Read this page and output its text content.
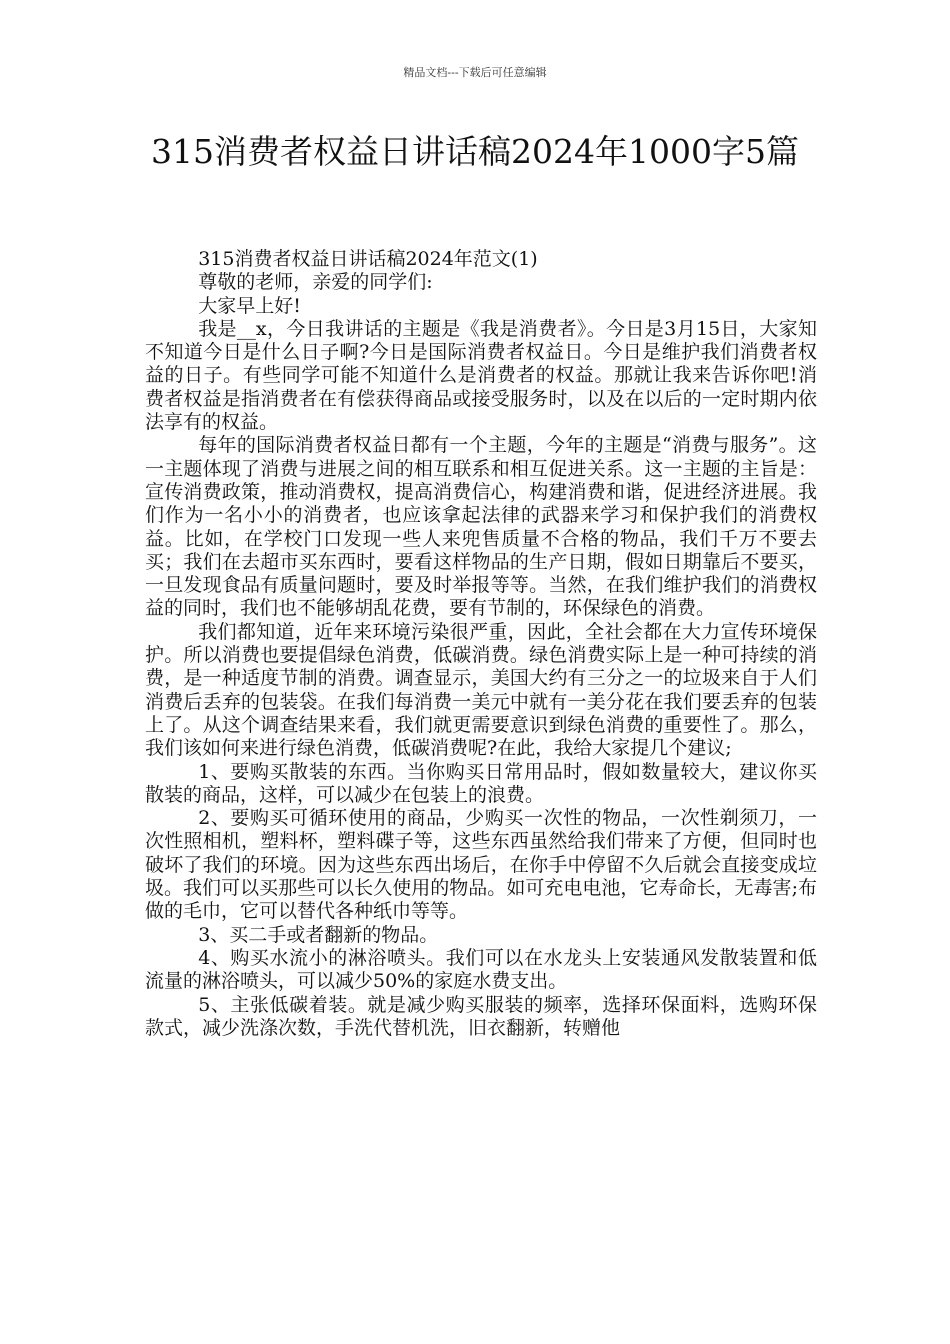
精品文档---下载后可任意编辑
315消费者权益日讲话稿2024年1000字5篇

315消费者权益日讲话稿2024年范文(1)

尊敬的老师，亲爱的同学们:

大家早上好!

我是__x，今日我讲话的主题是《我是消费者》。今日是3月15日，大家知不知道今日是什么日子啊?今日是国际消费者权益日。今日是维护我们消费者权益的日子。有些同学可能不知道什么是消费者的权益。那就让我来告诉你吧!消费者权益是指消费者在有偿获得商品或接受服务时，以及在以后的一定时期内依法享有的权益。

每年的国际消费者权益日都有一个主题，今年的主题是“消费与服务”。这一主题体现了消费与进展之间的相互联系和相互促进关系。这一主题的主旨是：宣传消费政策，推动消费权，提高消费信心，构建消费和谐，促进经济进展。我们作为一名小小的消费者，也应该拿起法律的武器来学习和保护我们的消费权益。比如，在学校门口发现一些人来兜售质量不合格的物品，我们千万不要去买；我们在去超市买东西时，要看这样物品的生产日期，假如日期靠后不要买，一旦发现食品有质量问题时，要及时举报等等。当然，在我们维护我们的消费权益的同时，我们也不能够胡乱花费，要有节制的，环保绿色的消费。

我们都知道，近年来环境污染很严重，因此，全社会都在大力宣传环境保护。所以消费也要提倡绿色消费，低碳消费。绿色消费实际上是一种可持续的消费，是一种适度节制的消费。调查显示，美国大约有三分之一的垃圾来自于人们消费后丢弃的包装袋。在我们每消费一美元中就有一美分花在我们要丢弃的包装上了。从这个调查结果来看，我们就更需要意识到绿色消费的重要性了。那么，我们该如何来进行绿色消费，低碳消费呢?在此，我给大家提几个建议;

1、要购买散装的东西。当你购买日常用品时，假如数量较大，建议你买散装的商品，这样，可以减少在包装上的浪费。

2、要购买可循环使用的商品，少购买一次性的物品，一次性剃须刀，一次性照相机，塑料杯，塑料碟子等，这些东西虽然给我们带来了方便，但同时也破坏了我们的环境。因为这些东西出场后，在你手中停留不久后就会直接变成垃圾。我们可以买那些可以长久使用的物品。如可充电电池，它寿命长，无毒害;布做的毛巾，它可以替代各种纸巾等等。

3、买二手或者翻新的物品。

4、购买水流小的淋浴喷头。我们可以在水龙头上安装通风发散装置和低流量的淋浴喷头，可以减少50%的家庭水费支出。

5、主张低碳着装。就是减少购买服装的频率，选择环保面料，选购环保款式，减少洗涤次数，手洗代替机洗，旧衣翻新，转赠他
